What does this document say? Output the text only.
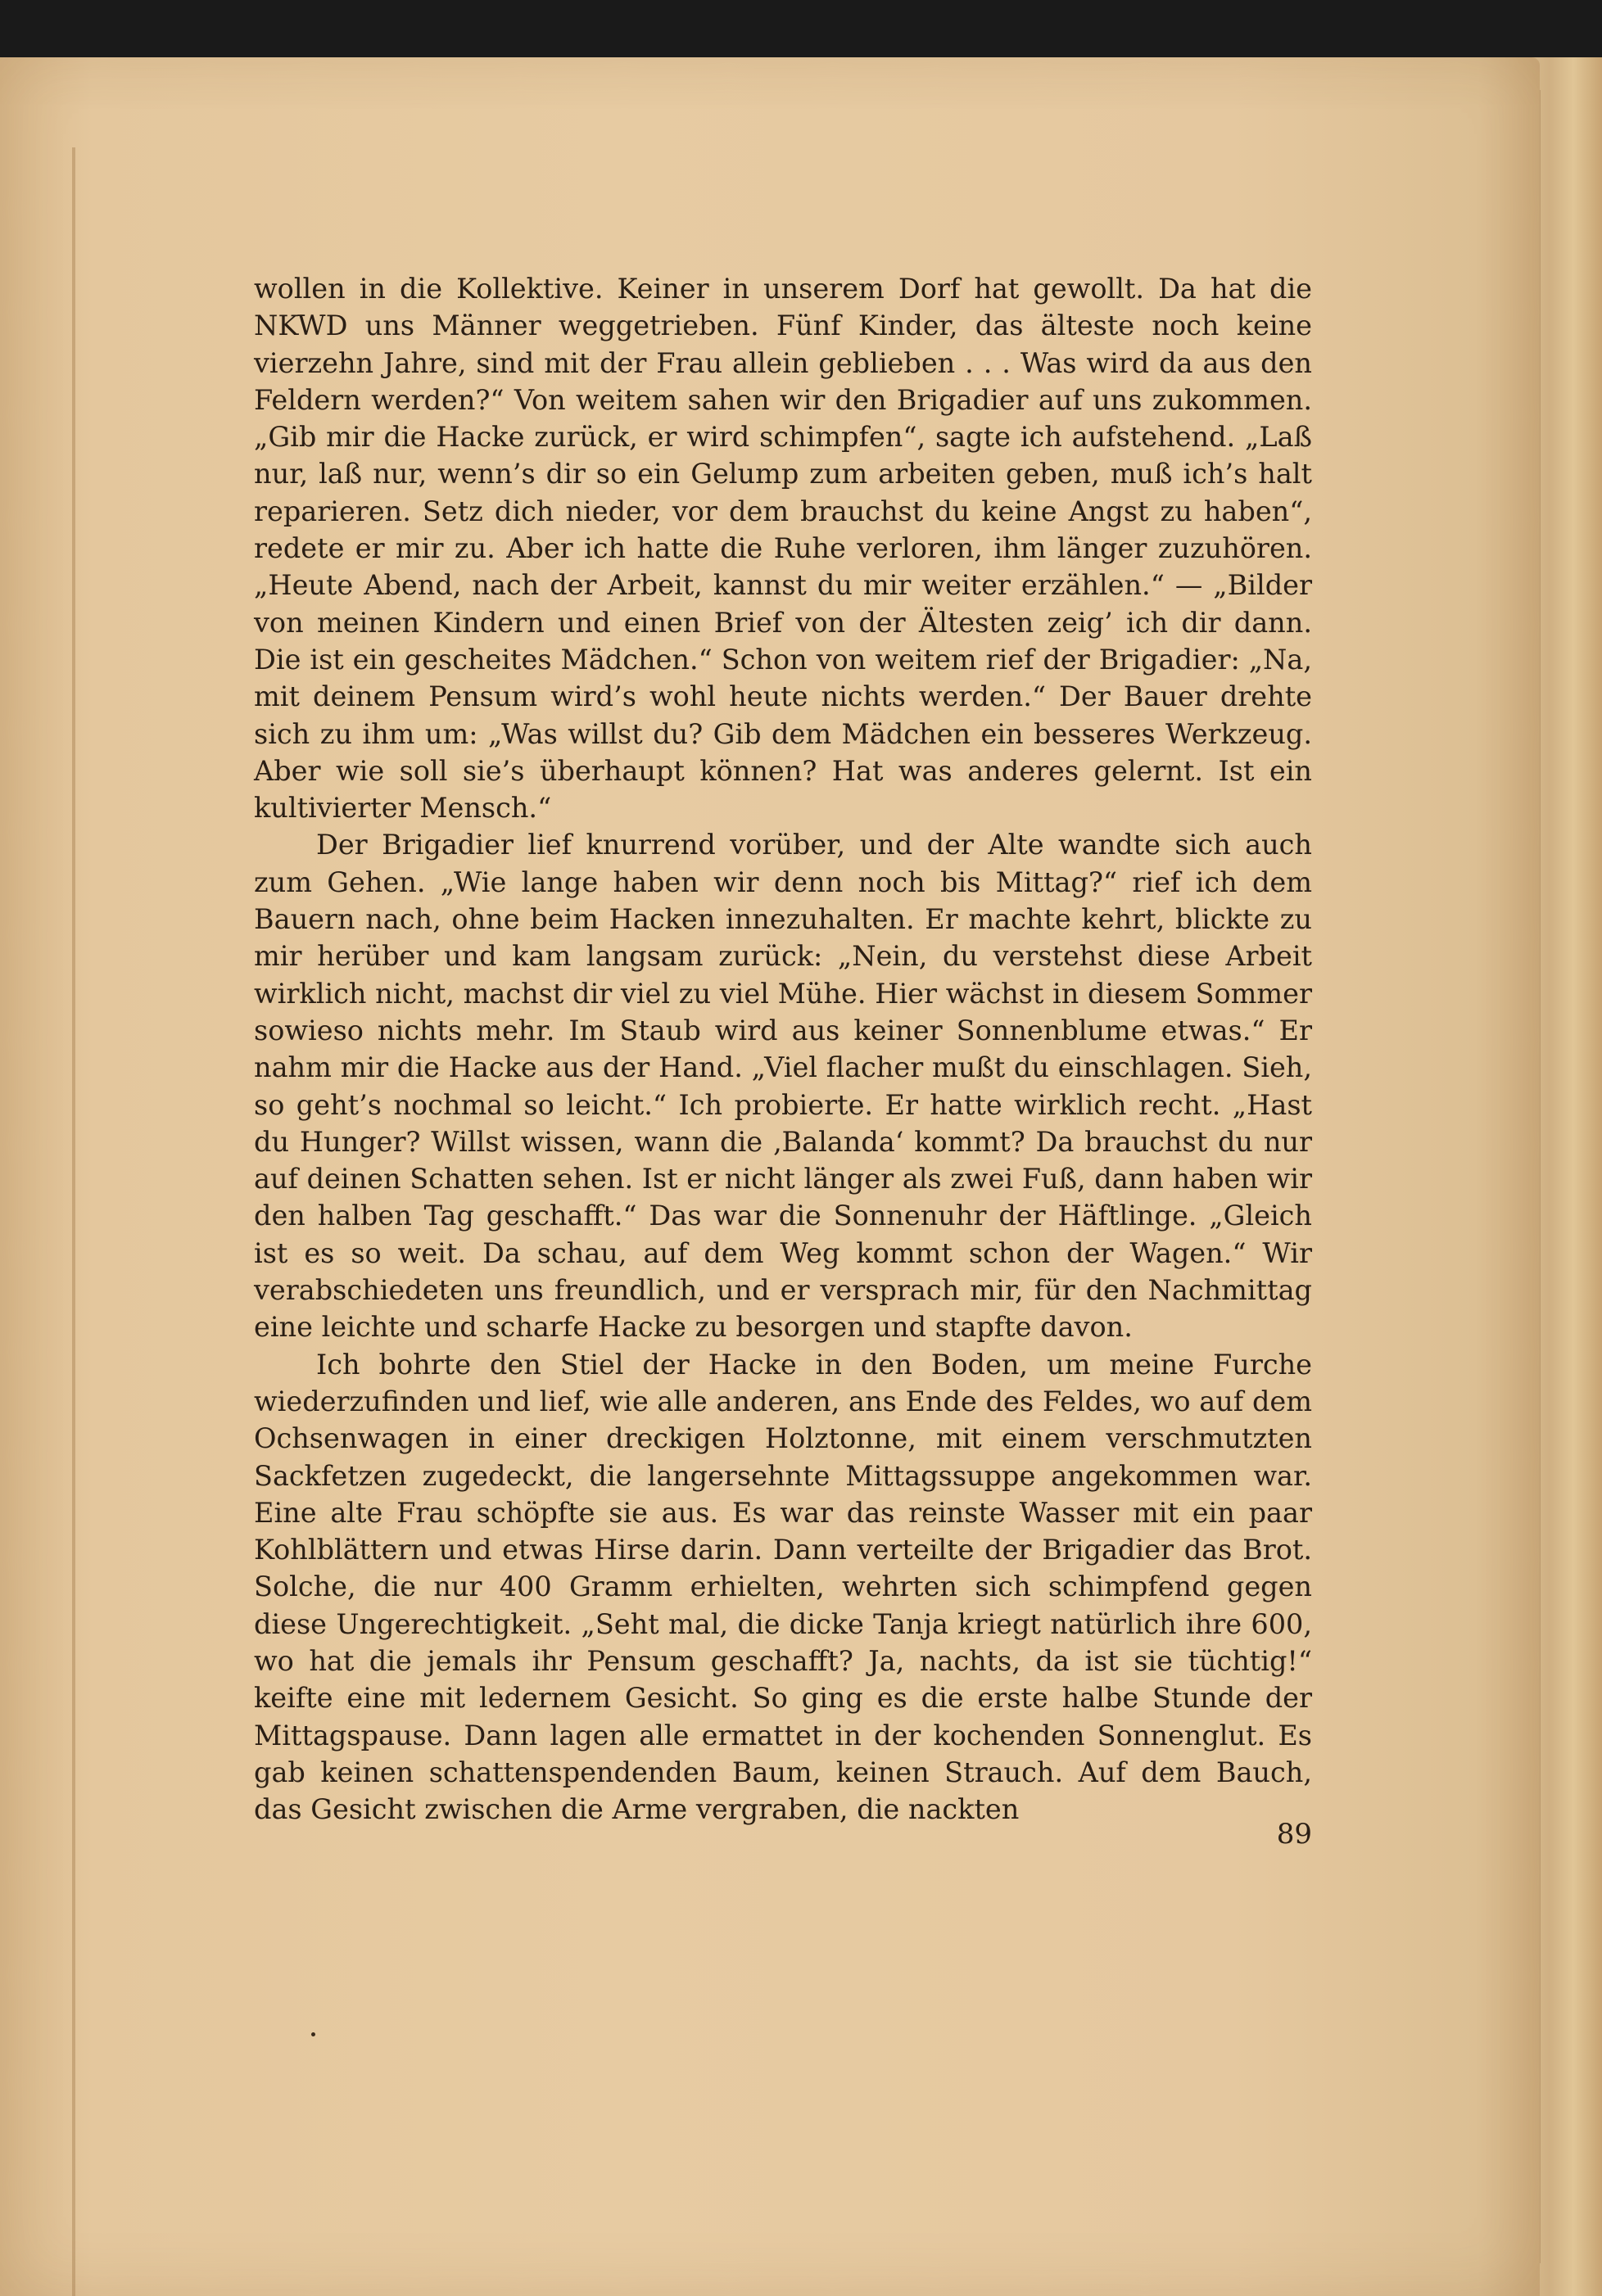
wollen in die Kollektive. Keiner in unserem Dorf hat gewollt. Da hat die NKWD uns Männer weggetrieben. Fünf Kinder, das älteste noch keine vierzehn Jahre, sind mit der Frau allein geblieben . . . Was wird da aus den Feldern werden?“ Von weitem sahen wir den Brigadier auf uns zukommen. „Gib mir die Hacke zurück, er wird schimpfen“, sagte ich aufstehend. „Laß nur, laß nur, wenn’s dir so ein Gelump zum arbeiten geben, muß ich’s halt reparieren. Setz dich nieder, vor dem brauchst du keine Angst zu haben“, redete er mir zu. Aber ich hatte die Ruhe verloren, ihm länger zuzuhören. „Heute Abend, nach der Arbeit, kannst du mir weiter erzählen.“ — „Bilder von meinen Kindern und einen Brief von der Ältesten zeig’ ich dir dann. Die ist ein gescheites Mädchen.“ Schon von weitem rief der Brigadier: „Na, mit deinem Pensum wird’s wohl heute nichts werden.“ Der Bauer drehte sich zu ihm um: „Was willst du? Gib dem Mädchen ein besseres Werkzeug. Aber wie soll sie’s überhaupt können? Hat was anderes gelernt. Ist ein kultivierter Mensch.“

Der Brigadier lief knurrend vorüber, und der Alte wandte sich auch zum Gehen. „Wie lange haben wir denn noch bis Mittag?“ rief ich dem Bauern nach, ohne beim Hacken innezuhalten. Er machte kehrt, blickte zu mir herüber und kam langsam zurück: „Nein, du verstehst diese Arbeit wirklich nicht, machst dir viel zu viel Mühe. Hier wächst in diesem Sommer sowieso nichts mehr. Im Staub wird aus keiner Sonnenblume etwas.“ Er nahm mir die Hacke aus der Hand. „Viel flacher mußt du einschlagen. Sieh, so geht’s nochmal so leicht.“ Ich probierte. Er hatte wirklich recht. „Hast du Hunger? Willst wissen, wann die ‚Balanda‘ kommt? Da brauchst du nur auf deinen Schatten sehen. Ist er nicht länger als zwei Fuß, dann haben wir den halben Tag geschafft.“ Das war die Sonnenuhr der Häftlinge. „Gleich ist es so weit. Da schau, auf dem Weg kommt schon der Wagen.“ Wir verabschiedeten uns freundlich, und er versprach mir, für den Nachmittag eine leichte und scharfe Hacke zu besorgen und stapfte davon.

Ich bohrte den Stiel der Hacke in den Boden, um meine Furche wiederzufinden und lief, wie alle anderen, ans Ende des Feldes, wo auf dem Ochsenwagen in einer dreckigen Holztonne, mit einem verschmutzten Sackfetzen zugedeckt, die langersehnte Mittagssuppe angekommen war. Eine alte Frau schöpfte sie aus. Es war das reinste Wasser mit ein paar Kohlblättern und etwas Hirse darin. Dann verteilte der Brigadier das Brot. Solche, die nur 400 Gramm erhielten, wehrten sich schimpfend gegen diese Ungerechtigkeit. „Seht mal, die dicke Tanja kriegt natürlich ihre 600, wo hat die jemals ihr Pensum geschafft? Ja, nachts, da ist sie tüchtig!“ keifte eine mit ledernem Gesicht. So ging es die erste halbe Stunde der Mittagspause. Dann lagen alle ermattet in der kochenden Sonnenglut. Es gab keinen schattenspendenden Baum, keinen Strauch. Auf dem Bauch, das Gesicht zwischen die Arme vergraben, die nackten

89
